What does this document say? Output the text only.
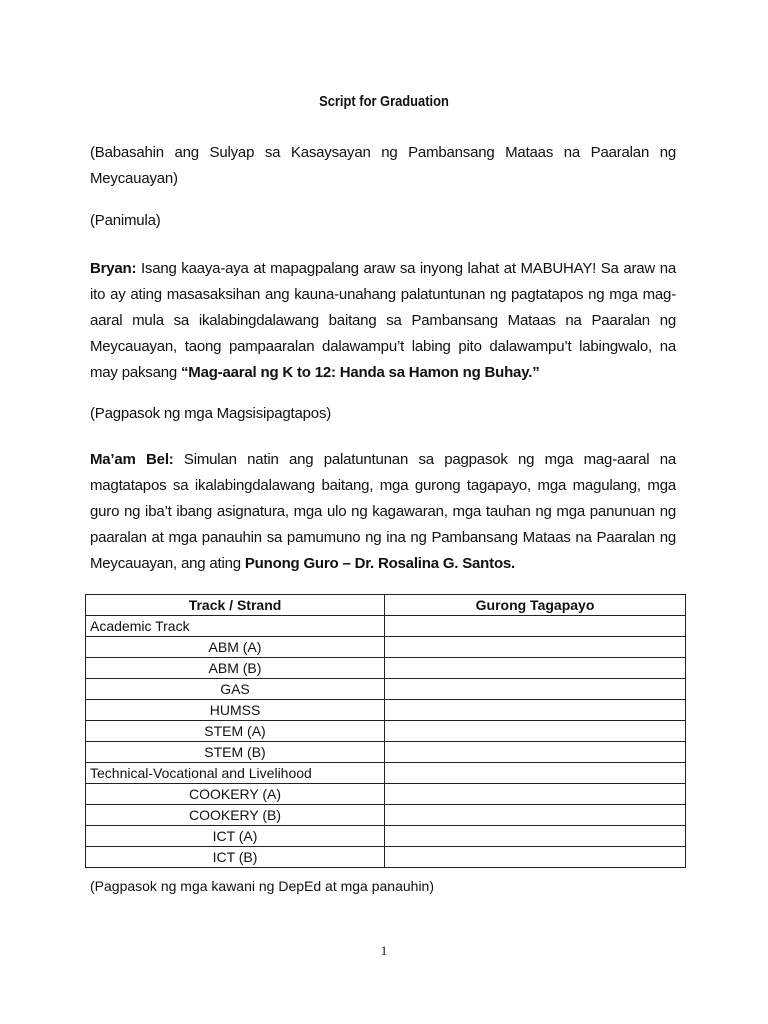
Script for Graduation
(Babasahin ang Sulyap sa Kasaysayan ng Pambansang Mataas na Paaralan ng Meycauayan)
(Panimula)
Bryan: Isang kaaya-aya at mapagpalang araw sa inyong lahat at MABUHAY! Sa araw na ito ay ating masasaksihan ang kauna-unahang palatuntunan ng pagtatapos ng mga mag-aaral mula sa ikalabingdalawang baitang sa Pambansang Mataas na Paaralan ng Meycauayan, taong pampaaralan dalawampu’t labing pito dalawampu’t labingwalo, na may paksang “Mag-aaral ng K to 12: Handa sa Hamon ng Buhay.”
(Pagpasok ng mga Magsisipagtapos)
Ma’am Bel: Simulan natin ang palatuntunan sa pagpasok ng mga mag-aaral na magtatapos sa ikalabingdalawang baitang, mga gurong tagapayo, mga magulang, mga guro ng iba’t ibang asignatura, mga ulo ng kagawaran, mga tauhan ng mga panunuan ng paaralan at mga panauhin sa pamumuno ng ina ng Pambansang Mataas na Paaralan ng Meycauayan, ang ating Punong Guro – Dr. Rosalina G. Santos.
Track / Strand	Gurong Tagapayo
Academic Track	
ABM (A)	
ABM (B)	
GAS	
HUMSS	
STEM (A)	
STEM (B)	
Technical-Vocational and Livelihood	
COOKERY (A)	
COOKERY (B)	
ICT (A)	
ICT (B)	
(Pagpasok ng mga kawani ng DepEd at mga panauhin)
1
